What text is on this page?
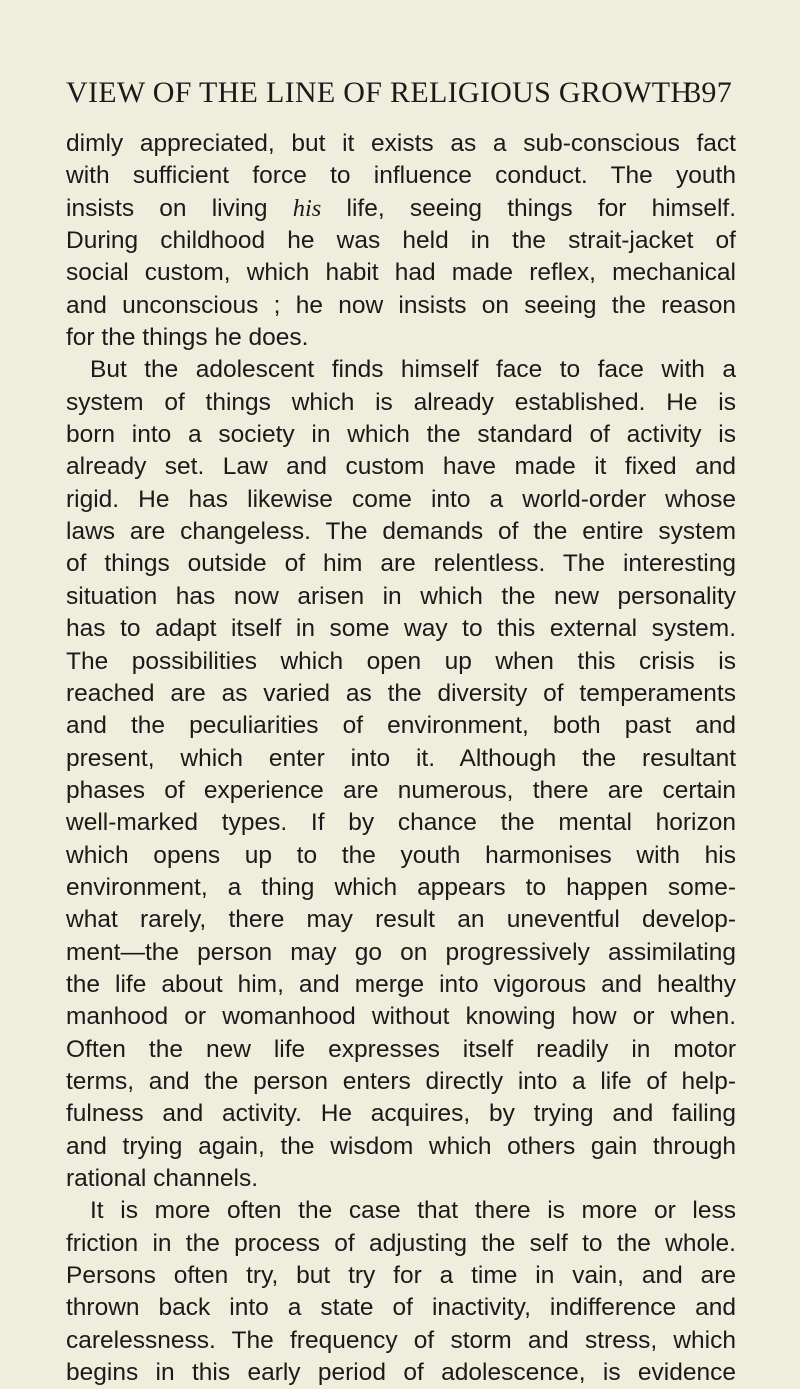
VIEW OF THE LINE OF RELIGIOUS GROWTH
397
dimly appreciated, but it exists as a sub-conscious fact
with sufficient force to influence conduct. The youth
insists on living his life, seeing things for himself.
During childhood he was held in the strait-jacket of
social custom, which habit had made reflex, mechanical
and unconscious ; he now insists on seeing the reason
for the things he does.
But the adolescent finds himself face to face with a
system of things which is already established. He is
born into a society in which the standard of activity is
already set. Law and custom have made it fixed and
rigid. He has likewise come into a world-order whose
laws are changeless. The demands of the entire system
of things outside of him are relentless. The interesting
situation has now arisen in which the new personality
has to adapt itself in some way to this external system.
The possibilities which open up when this crisis is
reached are as varied as the diversity of temperaments
and the peculiarities of environment, both past and
present, which enter into it. Although the resultant
phases of experience are numerous, there are certain
well-marked types. If by chance the mental horizon
which opens up to the youth harmonises with his
environment, a thing which appears to happen some-
what rarely, there may result an uneventful develop-
ment—the person may go on progressively assimilating
the life about him, and merge into vigorous and healthy
manhood or womanhood without knowing how or when.
Often the new life expresses itself readily in motor
terms, and the person enters directly into a life of help-
fulness and activity. He acquires, by trying and failing
and trying again, the wisdom which others gain through
rational channels.
It is more often the case that there is more or less
friction in the process of adjusting the self to the whole.
Persons often try, but try for a time in vain, and are
thrown back into a state of inactivity, indifference and
carelessness. The frequency of storm and stress, which
begins in this early period of adolescence, is evidence
